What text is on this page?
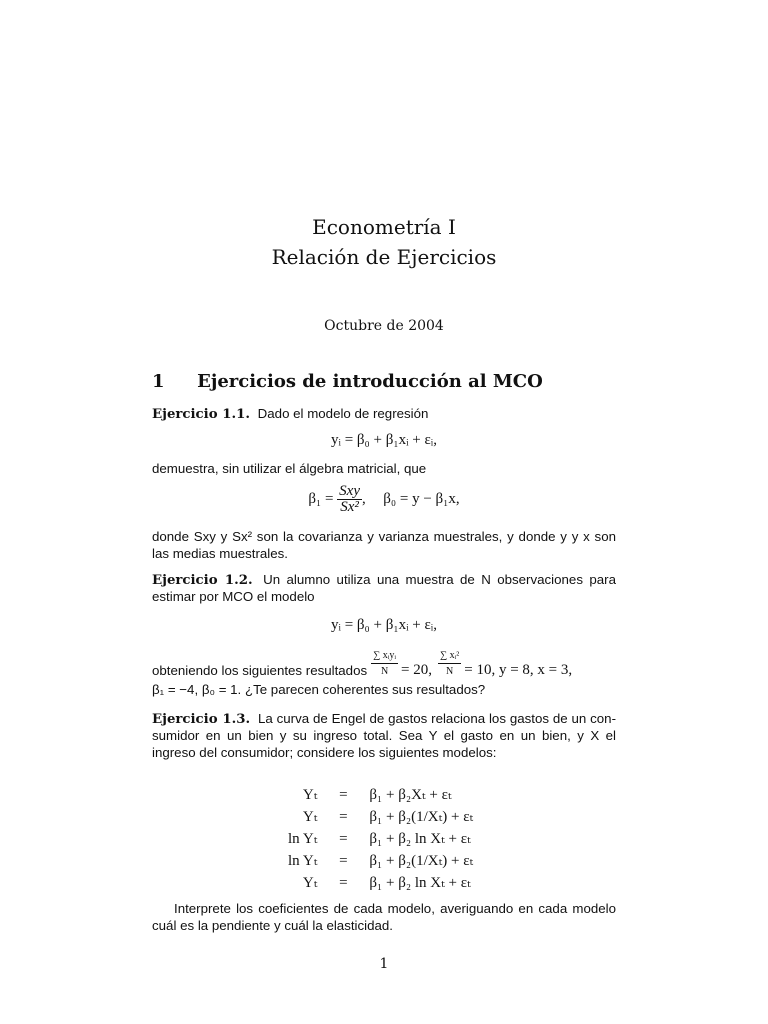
Econometría I
Relación de Ejercicios
Octubre de 2004
1 Ejercicios de introducción al MCO
Ejercicio 1.1. Dado el modelo de regresión
yᵢ = β₀ + β₁xᵢ + εᵢ,
demuestra, sin utilizar el álgebra matricial, que
$\beta_1 = \frac{\text{Sxy}}{\text{Sx²}}$ ,  β₀ = y − β₁x,
donde Sxy y Sx² son la covarianza y varianza muestrales, y donde y y x son
las medias muestrales.
Ejercicio 1.2. Un alumno utiliza una muestra de N observaciones para
estimar por MCO el modelo
yᵢ = β₀ + β₁xᵢ + εᵢ,
obteniendo los siguientes resultados $\frac{\text{∑ xᵢyᵢ}}{N} = 20$, $\frac{\text{∑ xᵢ²}}{N} = 10$, y = 8, x = 3,
β₁ = −4, β₀ = 1. ¿Te parecen coherentes sus resultados?
Ejercicio 1.3. La curva de Engel de gastos relaciona los gastos de un con-
sumidor en un bien y su ingreso total. Sea Y el gasto en un bien, y X el
ingreso del consumidor; considere los siguientes modelos:
Yₜ	=	β₁ + β₂Xₜ + εₜ
Yₜ	=	β₁ + β₂(1/Xₜ) + εₜ
ln Yₜ	=	β₁ + β₂ ln Xₜ + εₜ
ln Yₜ	=	β₁ + β₂(1/Xₜ) + εₜ
Yₜ	=	β₁ + β₂ ln Xₜ + εₜ
Interprete los coeficientes de cada modelo, averiguando en cada modelo
cuál es la pendiente y cuál la elasticidad.
1
